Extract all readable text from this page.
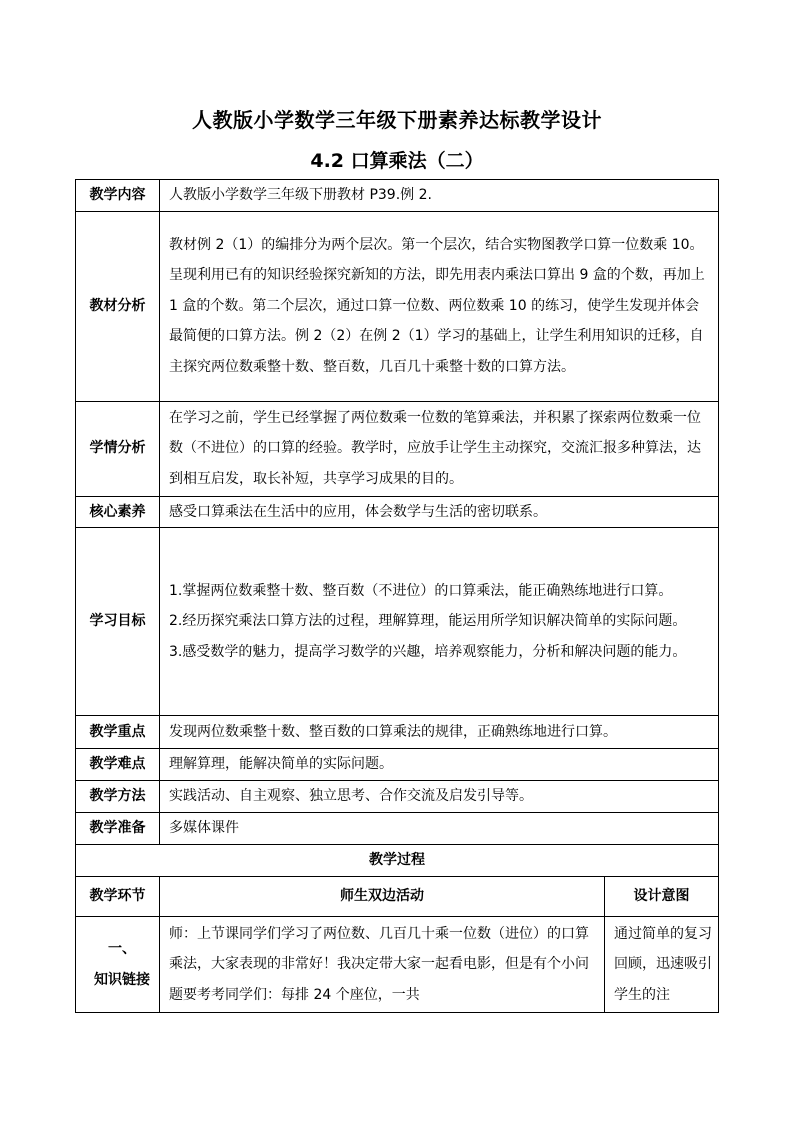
人教版小学数学三年级下册素养达标教学设计
4.2 口算乘法（二）
教学内容	人教版小学数学三年级下册教材 P39.例 2.	
教材分析	教材例 2（1）的编排分为两个层次。第一个层次，结合实物图教学口算一位数乘 10。呈现利用已有的知识经验探究新知的方法，即先用表内乘法口算出 9 盒的个数，再加上 1 盒的个数。第二个层次，通过口算一位数、两位数乘 10 的练习，使学生发现并体会最简便的口算方法。例 2（2）在例 2（1）学习的基础上，让学生利用知识的迁移，自主探究两位数乘整十数、整百数，几百几十乘整十数的口算方法。	
学情分析	在学习之前，学生已经掌握了两位数乘一位数的笔算乘法，并积累了探索两位数乘一位数（不进位）的口算的经验。教学时，应放手让学生主动探究，交流汇报多种算法，达到相互启发，取长补短，共享学习成果的目的。	
核心素养	感受口算乘法在生活中的应用，体会数学与生活的密切联系。	
学习目标	1.掌握两位数乘整十数、整百数（不进位）的口算乘法，能正确熟练地进行口算。
2.经历探究乘法口算方法的过程，理解算理，能运用所学知识解决简单的实际问题。
3.感受数学的魅力，提高学习数学的兴趣，培养观察能力，分析和解决问题的能力。	

教学重点	发现两位数乘整十数、整百数的口算乘法的规律，正确熟练地进行口算。	
教学难点	理解算理，能解决简单的实际问题。	
教学方法	实践活动、自主观察、独立思考、合作交流及启发引导等。	
教学准备	多媒体课件	
教学过程		
教学环节	师生双边活动	设计意图

一、
知识链接	师：上节课同学们学习了两位数、几百几十乘一位数（进位）的口算乘法，大家表现的非常好！我决定带大家一起看电影，但是有个小问题要考考同学们：每排 24 个座位，一共	通过简单的复习回顾，迅速吸引学生的注
